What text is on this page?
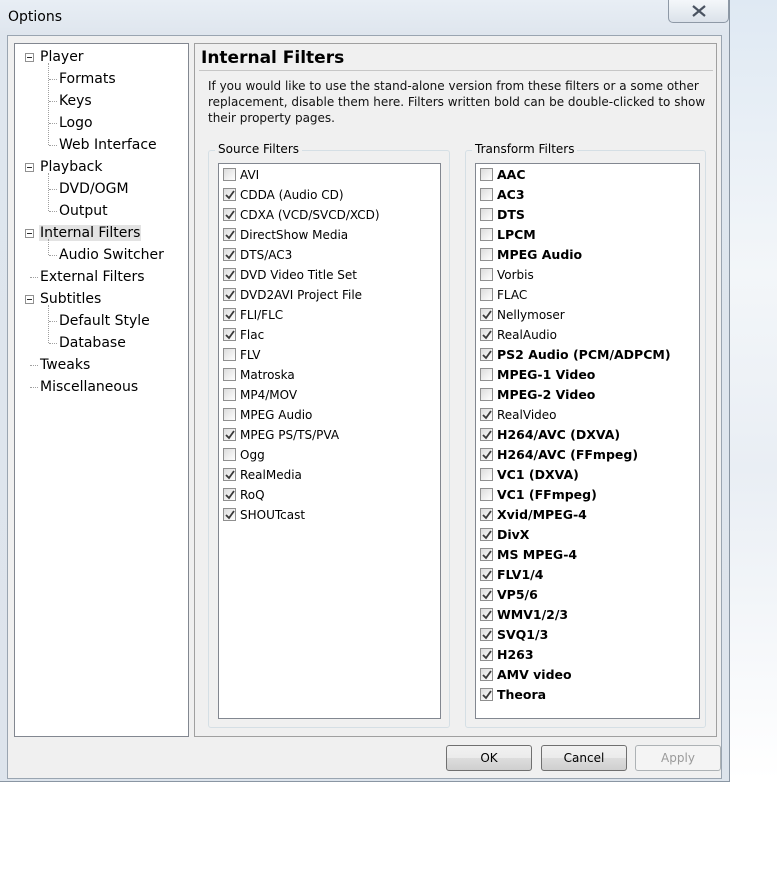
Options
Player
Formats
Keys
Logo
Web Interface
Playback
DVD/OGM
Output
Internal Filters
Audio Switcher
External Filters
Subtitles
Default Style
Database
Tweaks
Miscellaneous
Internal Filters
If you would like to use the stand-alone version from these filters or a some other replacement, disable them here. Filters written bold can be double-clicked to show their property pages.
Source Filters
AVI
CDDA (Audio CD)
CDXA (VCD/SVCD/XCD)
DirectShow Media
DTS/AC3
DVD Video Title Set
DVD2AVI Project File
FLI/FLC
Flac
FLV
Matroska
MP4/MOV
MPEG Audio
MPEG PS/TS/PVA
Ogg
RealMedia
RoQ
SHOUTcast
Transform Filters
AAC
AC3
DTS
LPCM
MPEG Audio
Vorbis
FLAC
Nellymoser
RealAudio
PS2 Audio (PCM/ADPCM)
MPEG-1 Video
MPEG-2 Video
RealVideo
H264/AVC (DXVA)
H264/AVC (FFmpeg)
VC1 (DXVA)
VC1 (FFmpeg)
Xvid/MPEG-4
DivX
MS MPEG-4
FLV1/4
VP5/6
WMV1/2/3
SVQ1/3
H263
AMV video
Theora
OK	Cancel	Apply
